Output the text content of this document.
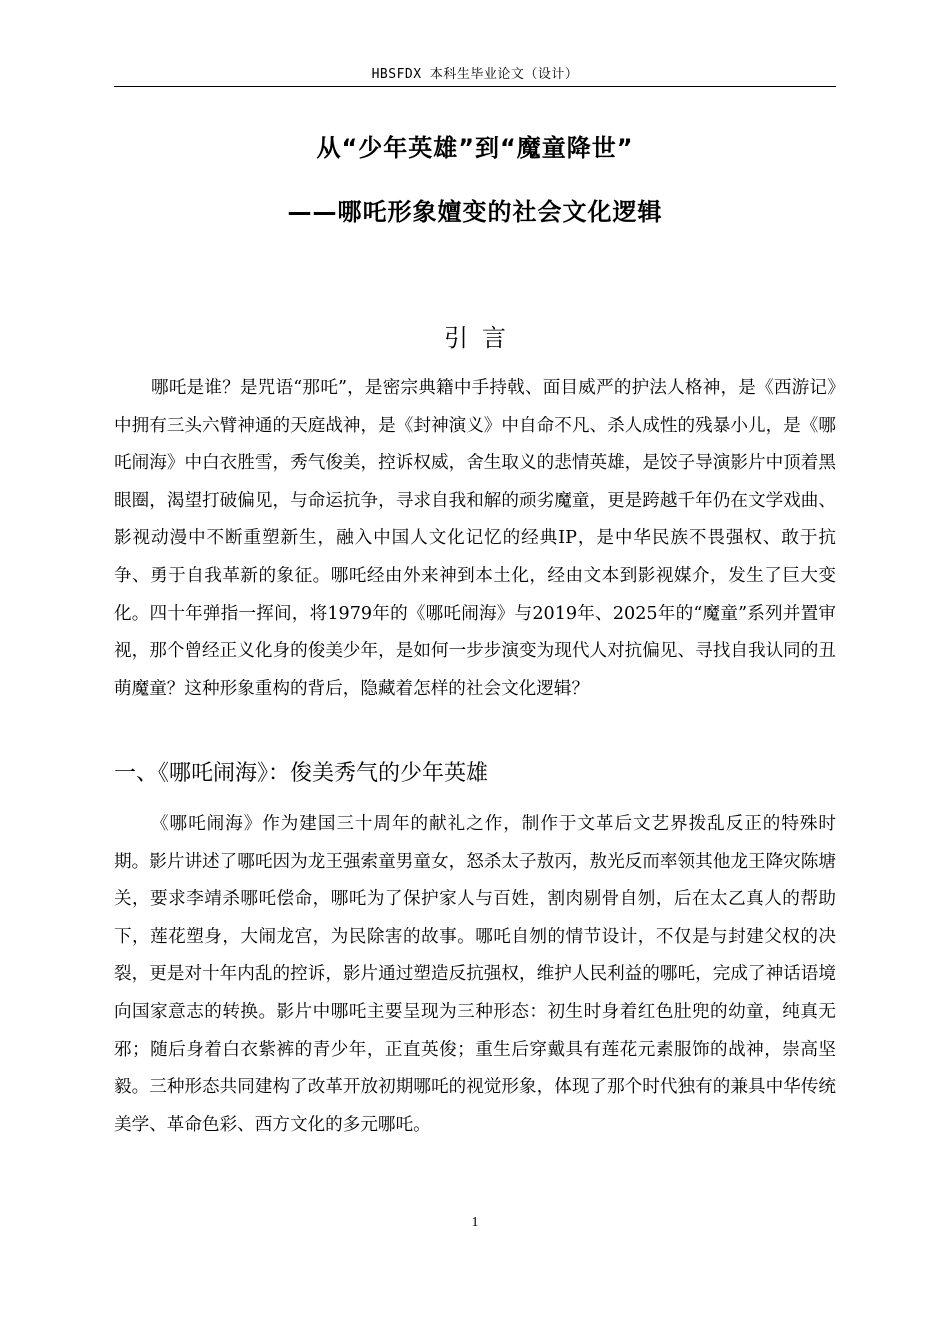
HBSFDX 本科生毕业论文（设计）
从“少年英雄”到“魔童降世”
——哪吒形象嬗变的社会文化逻辑
引言

哪吒是谁？是咒语“那吒”，是密宗典籍中手持戟、面目威严的护法人格神，是《西游记》中拥有三头六臂神通的天庭战神，是《封神演义》中自命不凡、杀人成性的残暴小儿，是《哪吒闹海》中白衣胜雪，秀气俊美，控诉权威，舍生取义的悲情英雄，是饺子导演影片中顶着黑眼圈，渴望打破偏见，与命运抗争，寻求自我和解的顽劣魔童，更是跨越千年仍在文学戏曲、影视动漫中不断重塑新生，融入中国人文化记忆的经典IP，是中华民族不畏强权、敢于抗争、勇于自我革新的象征。哪吒经由外来神到本土化，经由文本到影视媒介，发生了巨大变化。四十年弹指一挥间，将1979年的《哪吒闹海》与2019年、2025年的“魔童”系列并置审视，那个曾经正义化身的俊美少年，是如何一步步演变为现代人对抗偏见、寻找自我认同的丑萌魔童？这种形象重构的背后，隐藏着怎样的社会文化逻辑？

一、《哪吒闹海》：俊美秀气的少年英雄

《哪吒闹海》作为建国三十周年的献礼之作，制作于文革后文艺界拨乱反正的特殊时期。影片讲述了哪吒因为龙王强索童男童女，怒杀太子敖丙，敖光反而率领其他龙王降灾陈塘关，要求李靖杀哪吒偿命，哪吒为了保护家人与百姓，割肉剔骨自刎，后在太乙真人的帮助下，莲花塑身，大闹龙宫，为民除害的故事。哪吒自刎的情节设计，不仅是与封建父权的决裂，更是对十年内乱的控诉，影片通过塑造反抗强权，维护人民利益的哪吒，完成了神话语境向国家意志的转换。影片中哪吒主要呈现为三种形态：初生时身着红色肚兜的幼童，纯真无邪；随后身着白衣紫裤的青少年，正直英俊；重生后穿戴具有莲花元素服饰的战神，崇高坚毅。三种形态共同建构了改革开放初期哪吒的视觉形象，体现了那个时代独有的兼具中华传统美学、革命色彩、西方文化的多元哪吒。

1
